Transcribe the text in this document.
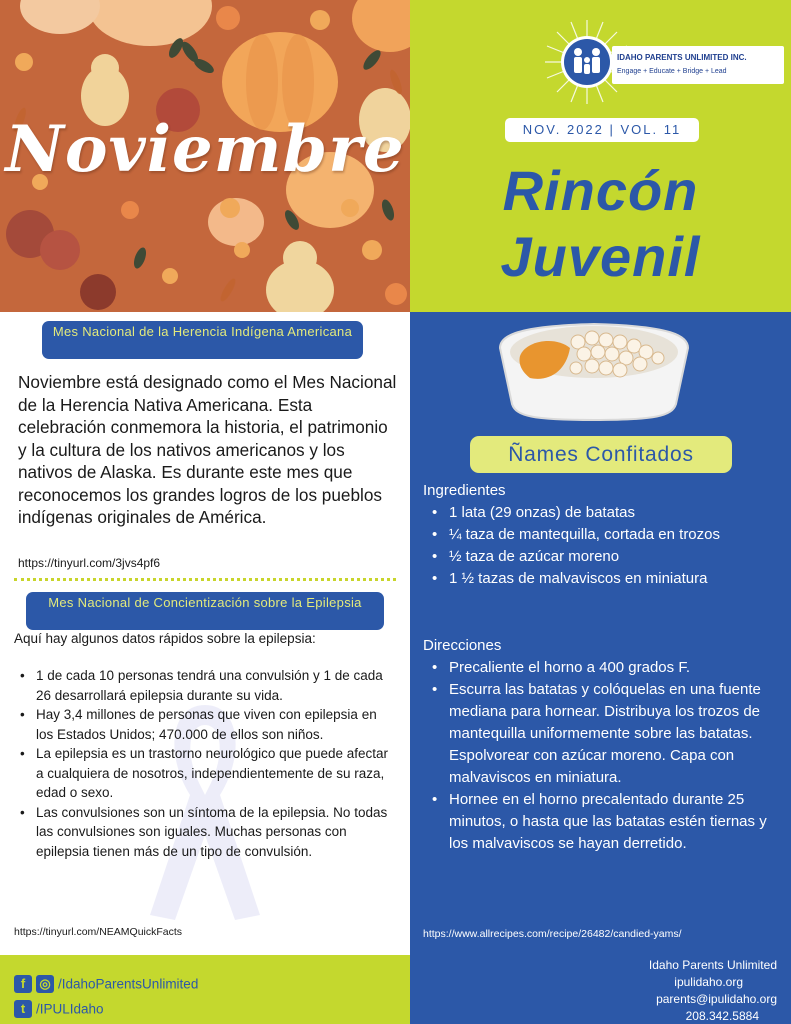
Noviembre
IDAHO PARENTS UNLIMITED INC.
Engage + Educate + Bridge + Lead
NOV. 2022 | VOL. 11
Rincón
Juvenil
Mes Nacional de la Herencia Indígena Americana
Noviembre está designado como el Mes Nacional de la Herencia Nativa Americana. Esta celebración conmemora la historia, el patrimonio y la cultura de los nativos americanos y los nativos de Alaska. Es durante este mes que reconocemos los grandes logros de los pueblos indígenas originales de América.
https://tinyurl.com/3jvs4pf6
Mes Nacional de Concientización sobre la Epilepsia
Aquí hay algunos datos rápidos sobre la epilepsia:
• 1 de cada 10 personas tendrá una convulsión y 1 de cada 26 desarrollará epilepsia durante su vida.
• Hay 3,4 millones de personas que viven con epilepsia en los Estados Unidos; 470.000 de ellos son niños.
• La epilepsia es un trastorno neurológico que puede afectar a cualquiera de nosotros, independientemente de su raza, edad o sexo.
• Las convulsiones son un síntoma de la epilepsia. No todas las convulsiones son iguales. Muchas personas con epilepsia tienen más de un tipo de convulsión.
https://tinyurl.com/NEAMQuickFacts
Ñames Confitados
Ingredientes
• 1 lata (29 onzas) de batatas
• ¼ taza de mantequilla, cortada en trozos
• ½ taza de azúcar moreno
• 1 ½ tazas de malvaviscos en miniatura
Direcciones
• Precaliente el horno a 400 grados F.
• Escurra las batatas y colóquelas en una fuente mediana para hornear. Distribuya los trozos de mantequilla uniformemente sobre las batatas. Espolvorear con azúcar moreno. Capa con malvaviscos en miniatura.
• Hornee en el horno precalentado durante 25 minutos, o hasta que las batatas estén tiernas y los malvaviscos se hayan derretido.
https://www.allrecipes.com/recipe/26482/candied-yams/
f ◎ /IdahoParentsUnlimited
t /IPULIdaho
Idaho Parents Unlimited
ipulidaho.org
parents@ipulidaho.org
208.342.5884
